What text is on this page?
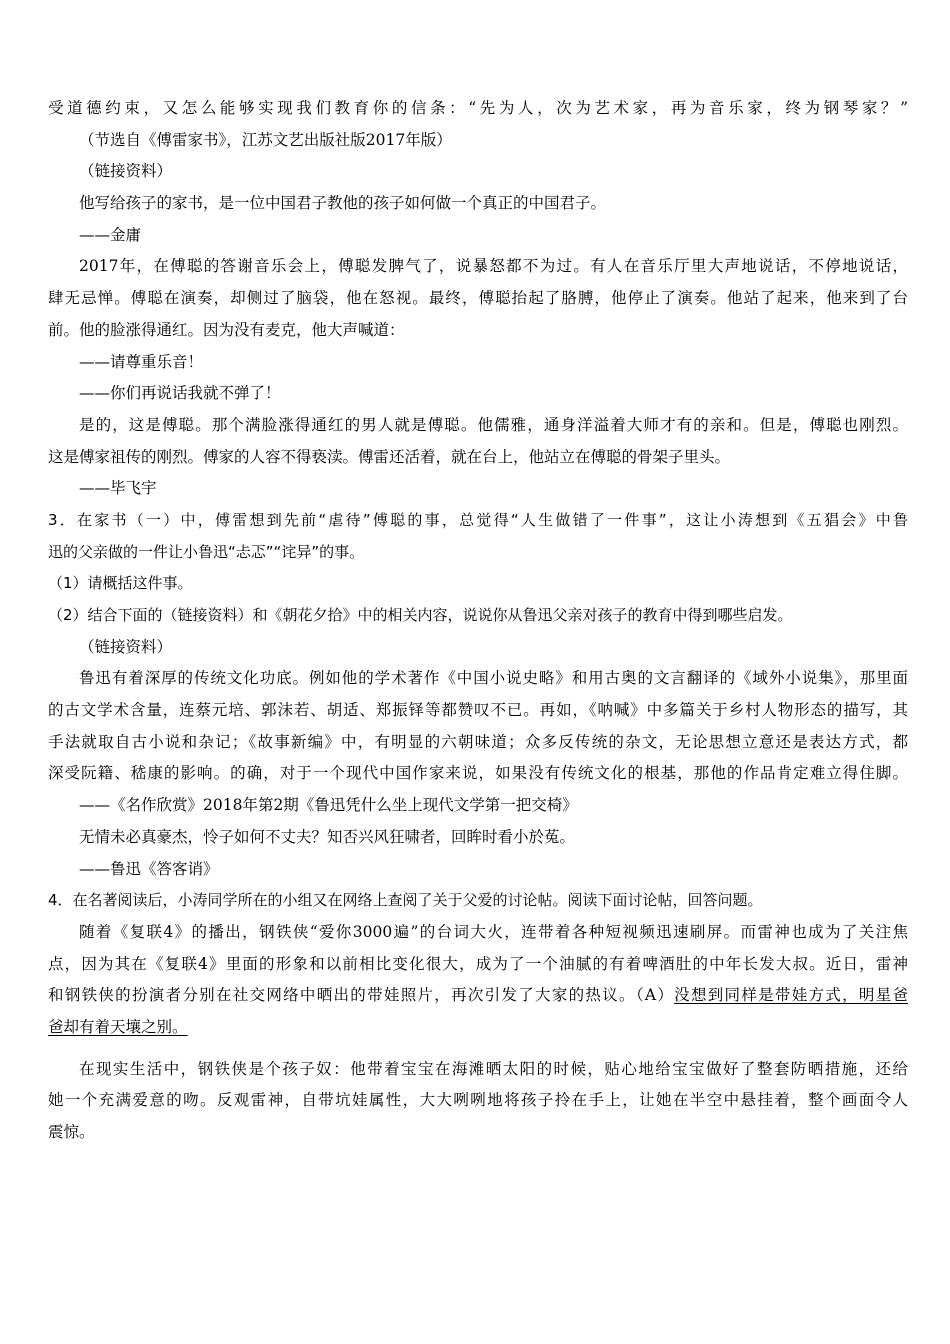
受道德约束，又怎么能够实现我们教育你的信条：“先为人，次为艺术家，再为音乐家，终为钢琴家？”
（节选自《傅雷家书》，江苏文艺出版社版2017年版）
（链接资料）
他写给孩子的家书，是一位中国君子教他的孩子如何做一个真正的中国君子。
——金庸
2017年，在傅聪的答谢音乐会上，傅聪发脾气了，说暴怒都不为过。有人在音乐厅里大声地说话，不停地说话，
肆无忌惮。傅聪在演奏，却侧过了脑袋，他在怒视。最终，傅聪抬起了胳膊，他停止了演奏。他站了起来，他来到了台
前。他的脸涨得通红。因为没有麦克，他大声喊道：
——请尊重乐音！
——你们再说话我就不弹了！
是的，这是傅聪。那个满脸涨得通红的男人就是傅聪。他儒雅，通身洋溢着大师才有的亲和。但是，傅聪也刚烈。
这是傅家祖传的刚烈。傅家的人容不得亵渎。傅雷还活着，就在台上，他站立在傅聪的骨架子里头。
——毕飞宇
3．在家书（一）中，傅雷想到先前“虐待”傅聪的事，总觉得“人生做错了一件事”，这让小涛想到《五猖会》中鲁
迅的父亲做的一件让小鲁迅“忐忑”“诧异”的事。
（1）请概括这件事。
（2）结合下面的（链接资料）和《朝花夕拾》中的相关内容，说说你从鲁迅父亲对孩子的教育中得到哪些启发。
（链接资料）
鲁迅有着深厚的传统文化功底。例如他的学术著作《中国小说史略》和用古奥的文言翻译的《域外小说集》，那里面
的古文学术含量，连蔡元培、郭沫若、胡适、郑振铎等都赞叹不已。再如，《呐喊》中多篇关于乡村人物形态的描写，其
手法就取自古小说和杂记；《故事新编》中，有明显的六朝味道；众多反传统的杂文，无论思想立意还是表达方式，都
深受阮籍、嵇康的影响。的确，对于一个现代中国作家来说，如果没有传统文化的根基，那他的作品肯定难立得住脚。
——《名作欣赏》2018年第2期《鲁迅凭什么坐上现代文学第一把交椅》
无情未必真豪杰，怜子如何不丈夫？知否兴风狂啸者，回眸时看小於菟。
——鲁迅《答客诮》
4．在名著阅读后，小涛同学所在的小组又在网络上查阅了关于父爱的讨论帖。阅读下面讨论帖，回答问题。
随着《复联4》的播出，钢铁侠“爱你3000遍”的台词大火，连带着各种短视频迅速刷屏。而雷神也成为了关注焦
点，因为其在《复联4》里面的形象和以前相比变化很大，成为了一个油腻的有着啤酒肚的中年长发大叔。近日，雷神
和钢铁侠的扮演者分别在社交网络中晒出的带娃照片，再次引发了大家的热议。（A）没想到同样是带娃方式，明星爸
爸却有着天壤之别。
在现实生活中，钢铁侠是个孩子奴：他带着宝宝在海滩晒太阳的时候，贴心地给宝宝做好了整套防晒措施，还给
她一个充满爱意的吻。反观雷神，自带坑娃属性，大大咧咧地将孩子拎在手上，让她在半空中悬挂着，整个画面令人
震惊。
